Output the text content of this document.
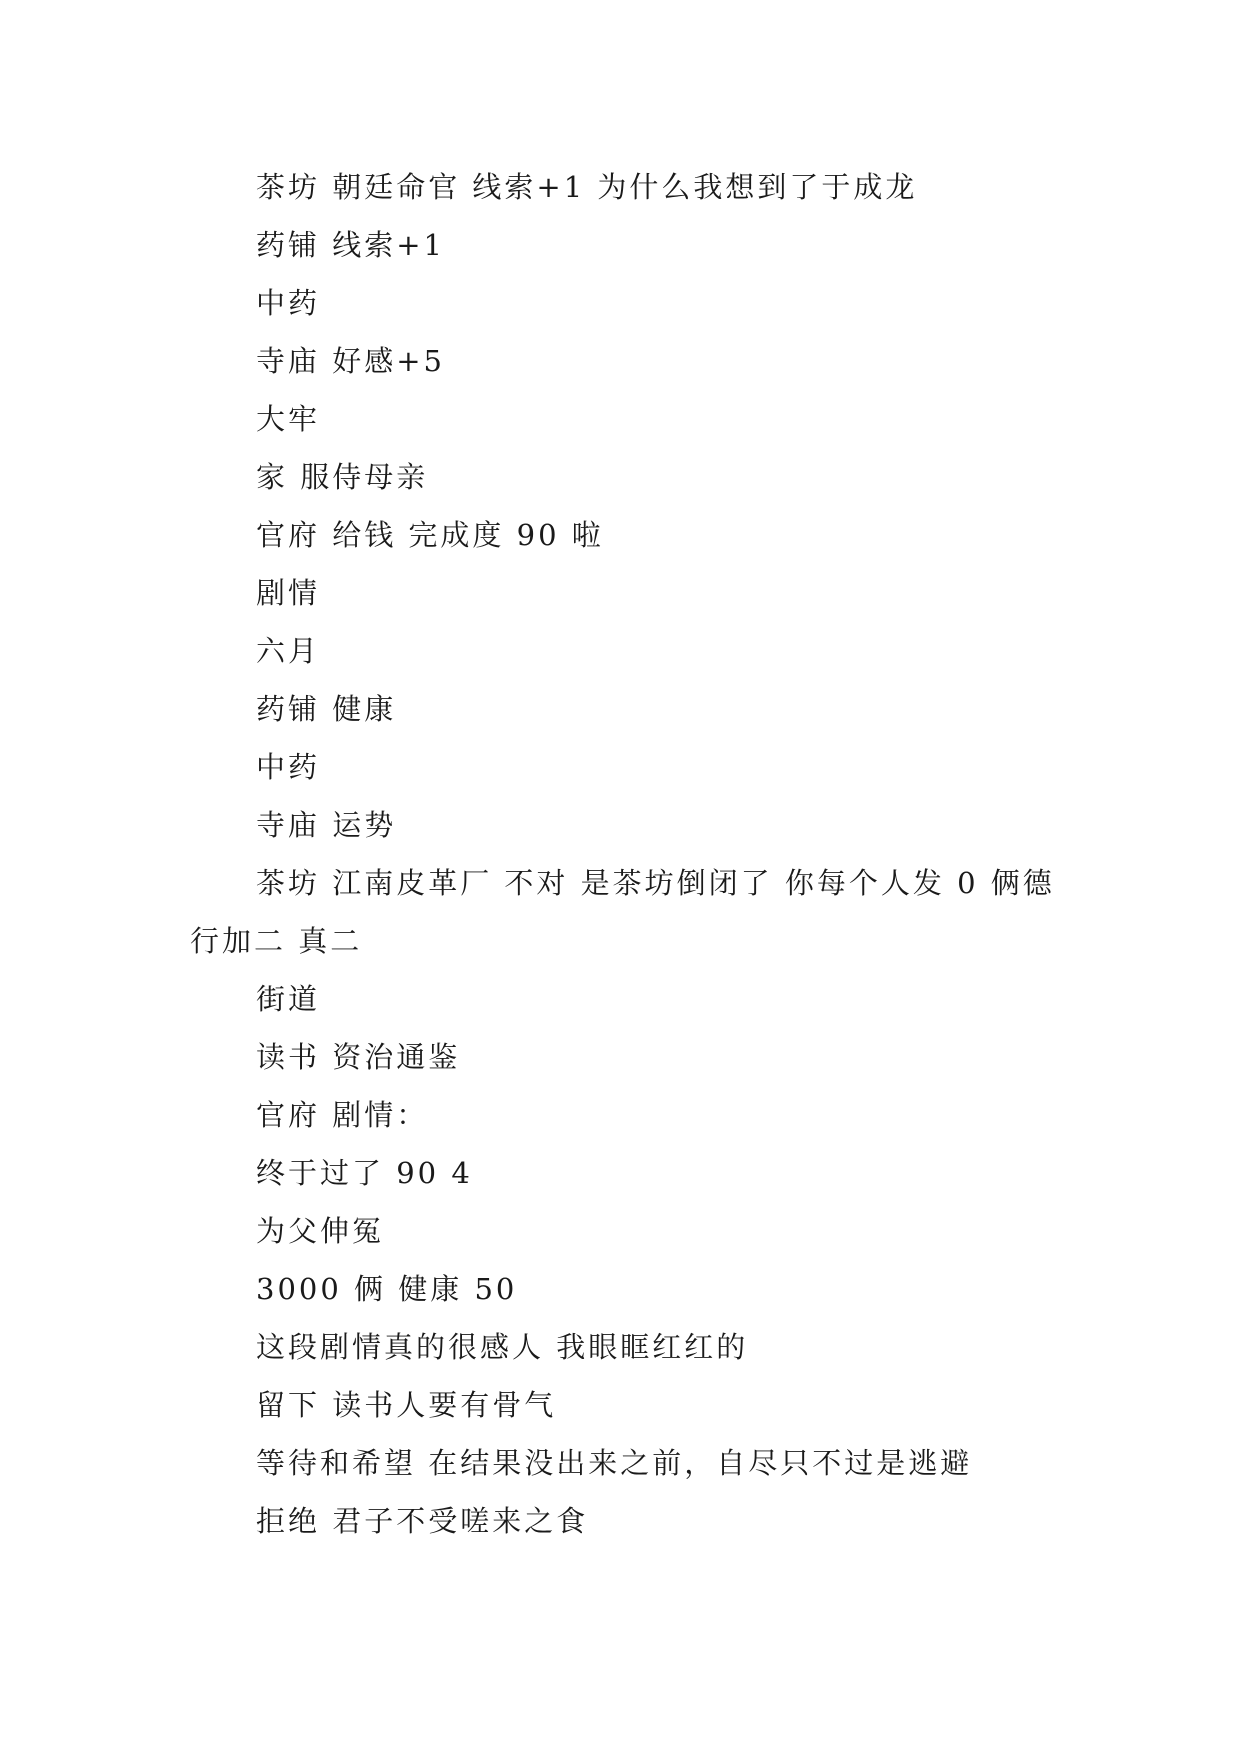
茶坊 朝廷命官 线索+1 为什么我想到了于成龙

药铺 线索+1

中药

寺庙 好感+5

大牢

家 服侍母亲

官府 给钱 完成度 90 啦

剧情

六月

药铺 健康

中药

寺庙 运势

茶坊 江南皮革厂 不对 是茶坊倒闭了 你每个人发 0 俩德行加二 真二

街道

读书 资治通鉴

官府 剧情：

终于过了 90 4

为父伸冤

3000 俩 健康 50

这段剧情真的很感人 我眼眶红红的

留下 读书人要有骨气

等待和希望 在结果没出来之前，自尽只不过是逃避

拒绝 君子不受嗟来之食
